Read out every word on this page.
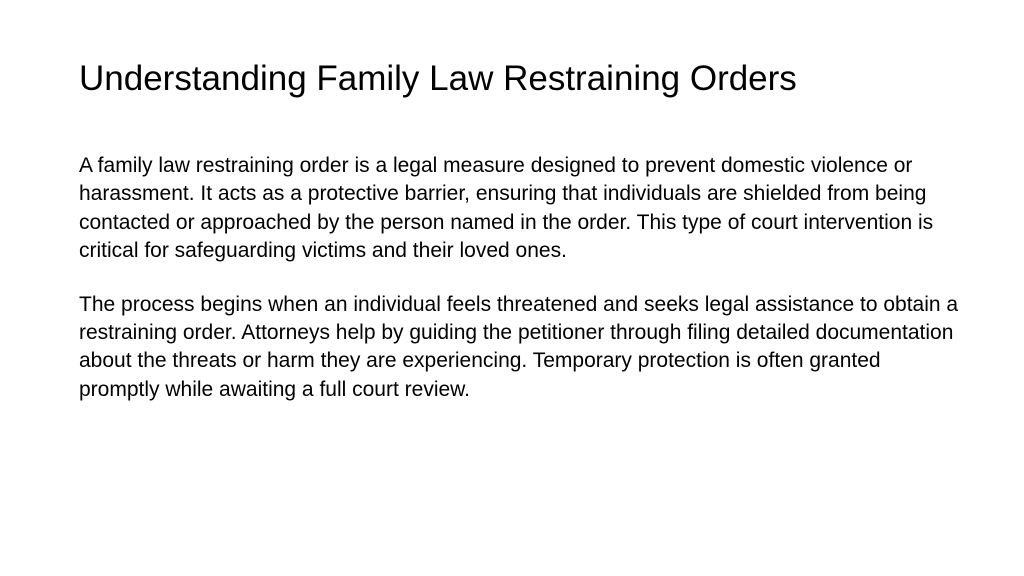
Understanding Family Law Restraining Orders

A family law restraining order is a legal measure designed to prevent domestic violence or harassment. It acts as a protective barrier, ensuring that individuals are shielded from being contacted or approached by the person named in the order. This type of court intervention is critical for safeguarding victims and their loved ones.

The process begins when an individual feels threatened and seeks legal assistance to obtain a restraining order. Attorneys help by guiding the petitioner through filing detailed documentation about the threats or harm they are experiencing. Temporary protection is often granted promptly while awaiting a full court review.
